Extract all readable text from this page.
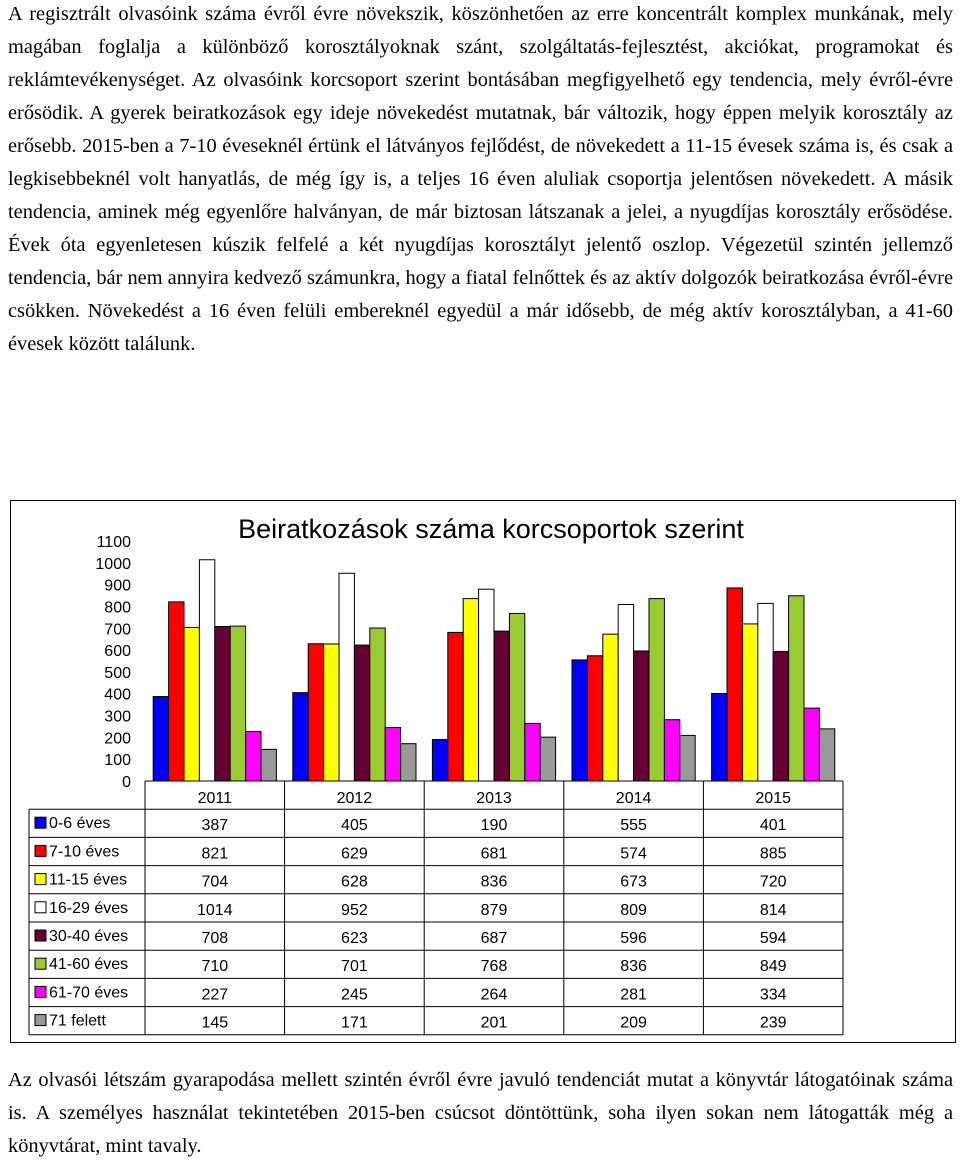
A regisztrált olvasóink száma évről évre növekszik, köszönhetően az erre koncentrált komplex munkának, mely magában foglalja a különböző korosztályoknak szánt, szolgáltatás-fejlesztést, akciókat, programokat és reklámtevékenységet. Az olvasóink korcsoport szerint bontásában megfigyelhető egy tendencia, mely évről-évre erősödik. A gyerek beiratkozások egy ideje növekedést mutatnak, bár változik, hogy éppen melyik korosztály az erősebb. 2015-ben a 7-10 éveseknél értünk el látványos fejlődést, de növekedett a 11-15 évesek száma is, és csak a legkisebbeknél volt hanyatlás, de még így is, a teljes 16 éven aluliak csoportja jelentősen növekedett. A másik tendencia, aminek még egyenlőre halványan, de már biztosan látszanak a jelei, a nyugdíjas korosztály erősödése. Évek óta egyenletesen kúszik felfelé a két nyugdíjas korosztályt jelentő oszlop. Végezetül szintén jellemző tendencia, bár nem annyira kedvező számunkra, hogy a fiatal felnőttek és az aktív dolgozók beiratkozása évről-évre csökken. Növekedést a 16 éven felüli embereknél egyedül a már idősebb, de még aktív korosztályban, a 41-60 évesek között találunk.

Beiratkozások száma korcsoportok szerint
0
100
200
300
400
500
600
700
800
900
1000
1100
2011	2012	2013	2014	2015
0-6 éves	387	405	190	555	401
7-10 éves	821	629	681	574	885
11-15 éves	704	628	836	673	720
16-29 éves	1014	952	879	809	814
30-40 éves	708	623	687	596	594
41-60 éves	710	701	768	836	849
61-70 éves	227	245	264	281	334
71 felett	145	171	201	209	239

Az olvasói létszám gyarapodása mellett szintén évről évre javuló tendenciát mutat a könyvtár látogatóinak száma is. A személyes használat tekintetében 2015-ben csúcsot döntöttünk, soha ilyen sokan nem látogatták még a könyvtárat, mint tavaly.
